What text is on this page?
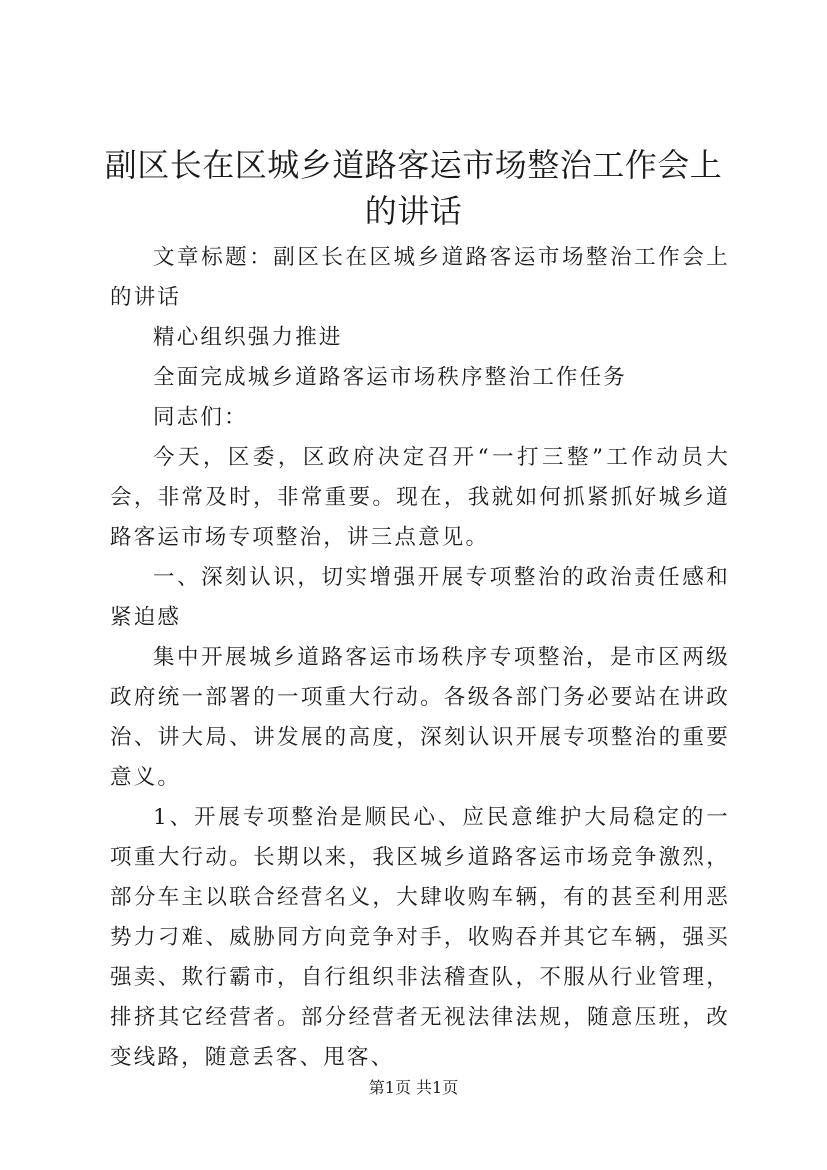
副区长在区城乡道路客运市场整治工作会上的讲话

文章标题：副区长在区城乡道路客运市场整治工作会上的讲话

精心组织强力推进

全面完成城乡道路客运市场秩序整治工作任务

同志们：

今天，区委，区政府决定召开“一打三整”工作动员大会，非常及时，非常重要。现在，我就如何抓紧抓好城乡道路客运市场专项整治，讲三点意见。

一、深刻认识，切实增强开展专项整治的政治责任感和紧迫感

集中开展城乡道路客运市场秩序专项整治，是市区两级政府统一部署的一项重大行动。各级各部门务必要站在讲政治、讲大局、讲发展的高度，深刻认识开展专项整治的重要意义。

1、开展专项整治是顺民心、应民意维护大局稳定的一项重大行动。长期以来，我区城乡道路客运市场竞争激烈，部分车主以联合经营名义，大肆收购车辆，有的甚至利用恶势力刁难、威胁同方向竞争对手，收购吞并其它车辆，强买强卖、欺行霸市，自行组织非法稽查队，不服从行业管理，排挤其它经营者。部分经营者无视法律法规，随意压班，改变线路，随意丢客、甩客、

第1页 共1页
